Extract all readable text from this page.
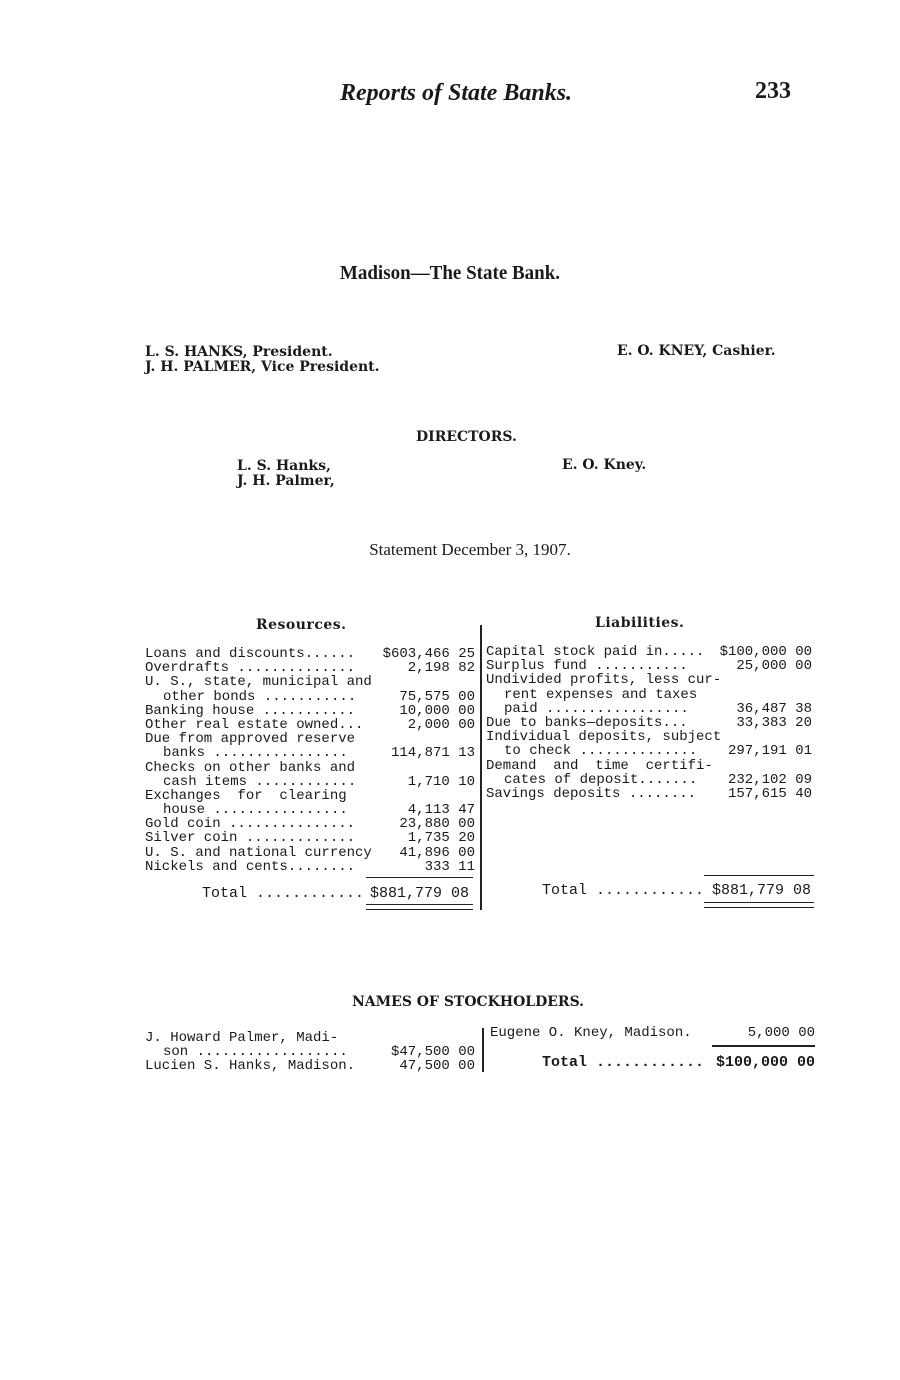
Reports of State Banks.	233
Madison—The State Bank.
L. S. HANKS, President.
J. H. PALMER, Vice President.
E. O. KNEY, Cashier.
DIRECTORS.
L. S. Hanks,
J. H. Palmer,
E. O. Kney.
Statement December 3, 1907.
Resources.	Liabilities.
Loans and discounts...... $603,466 25
Overdrafts ..............	2,198 82
U. S., state, municipal and
other bonds ...........	75,575 00
Banking house ...........	10,000 00
Other real estate owned...	2,000 00
Due from approved reserve
banks ................	114,871 13
Checks on other banks and
cash items ............	1,710 10
Exchanges  for  clearing
house ................	4,113 47
Gold coin ...............	23,880 00
Silver coin .............	1,735 20
U. S. and national currency 41,896 00
Nickels and cents........	333 11
Total ............ $881,779 08
Capital stock paid in..... $100,000 00
Surplus fund ...........	25,000 00
Undivided profits, less cur-
rent expenses and taxes
paid .................	36,487 38
Due to banks—deposits...	33,383 20
Individual deposits, subject
to check .............. 297,191 01
Demand  and  time  certifi-
cates of deposit....... 232,102 09
Savings deposits ........ 157,615 40
Total ............ $881,779 08
NAMES OF STOCKHOLDERS.
J. Howard Palmer, Madi-
son ..................	$47,500 00
Lucien S. Hanks, Madison.	47,500 00
Eugene O. Kney, Madison.	5,000 00
Total ............ $100,000 00
